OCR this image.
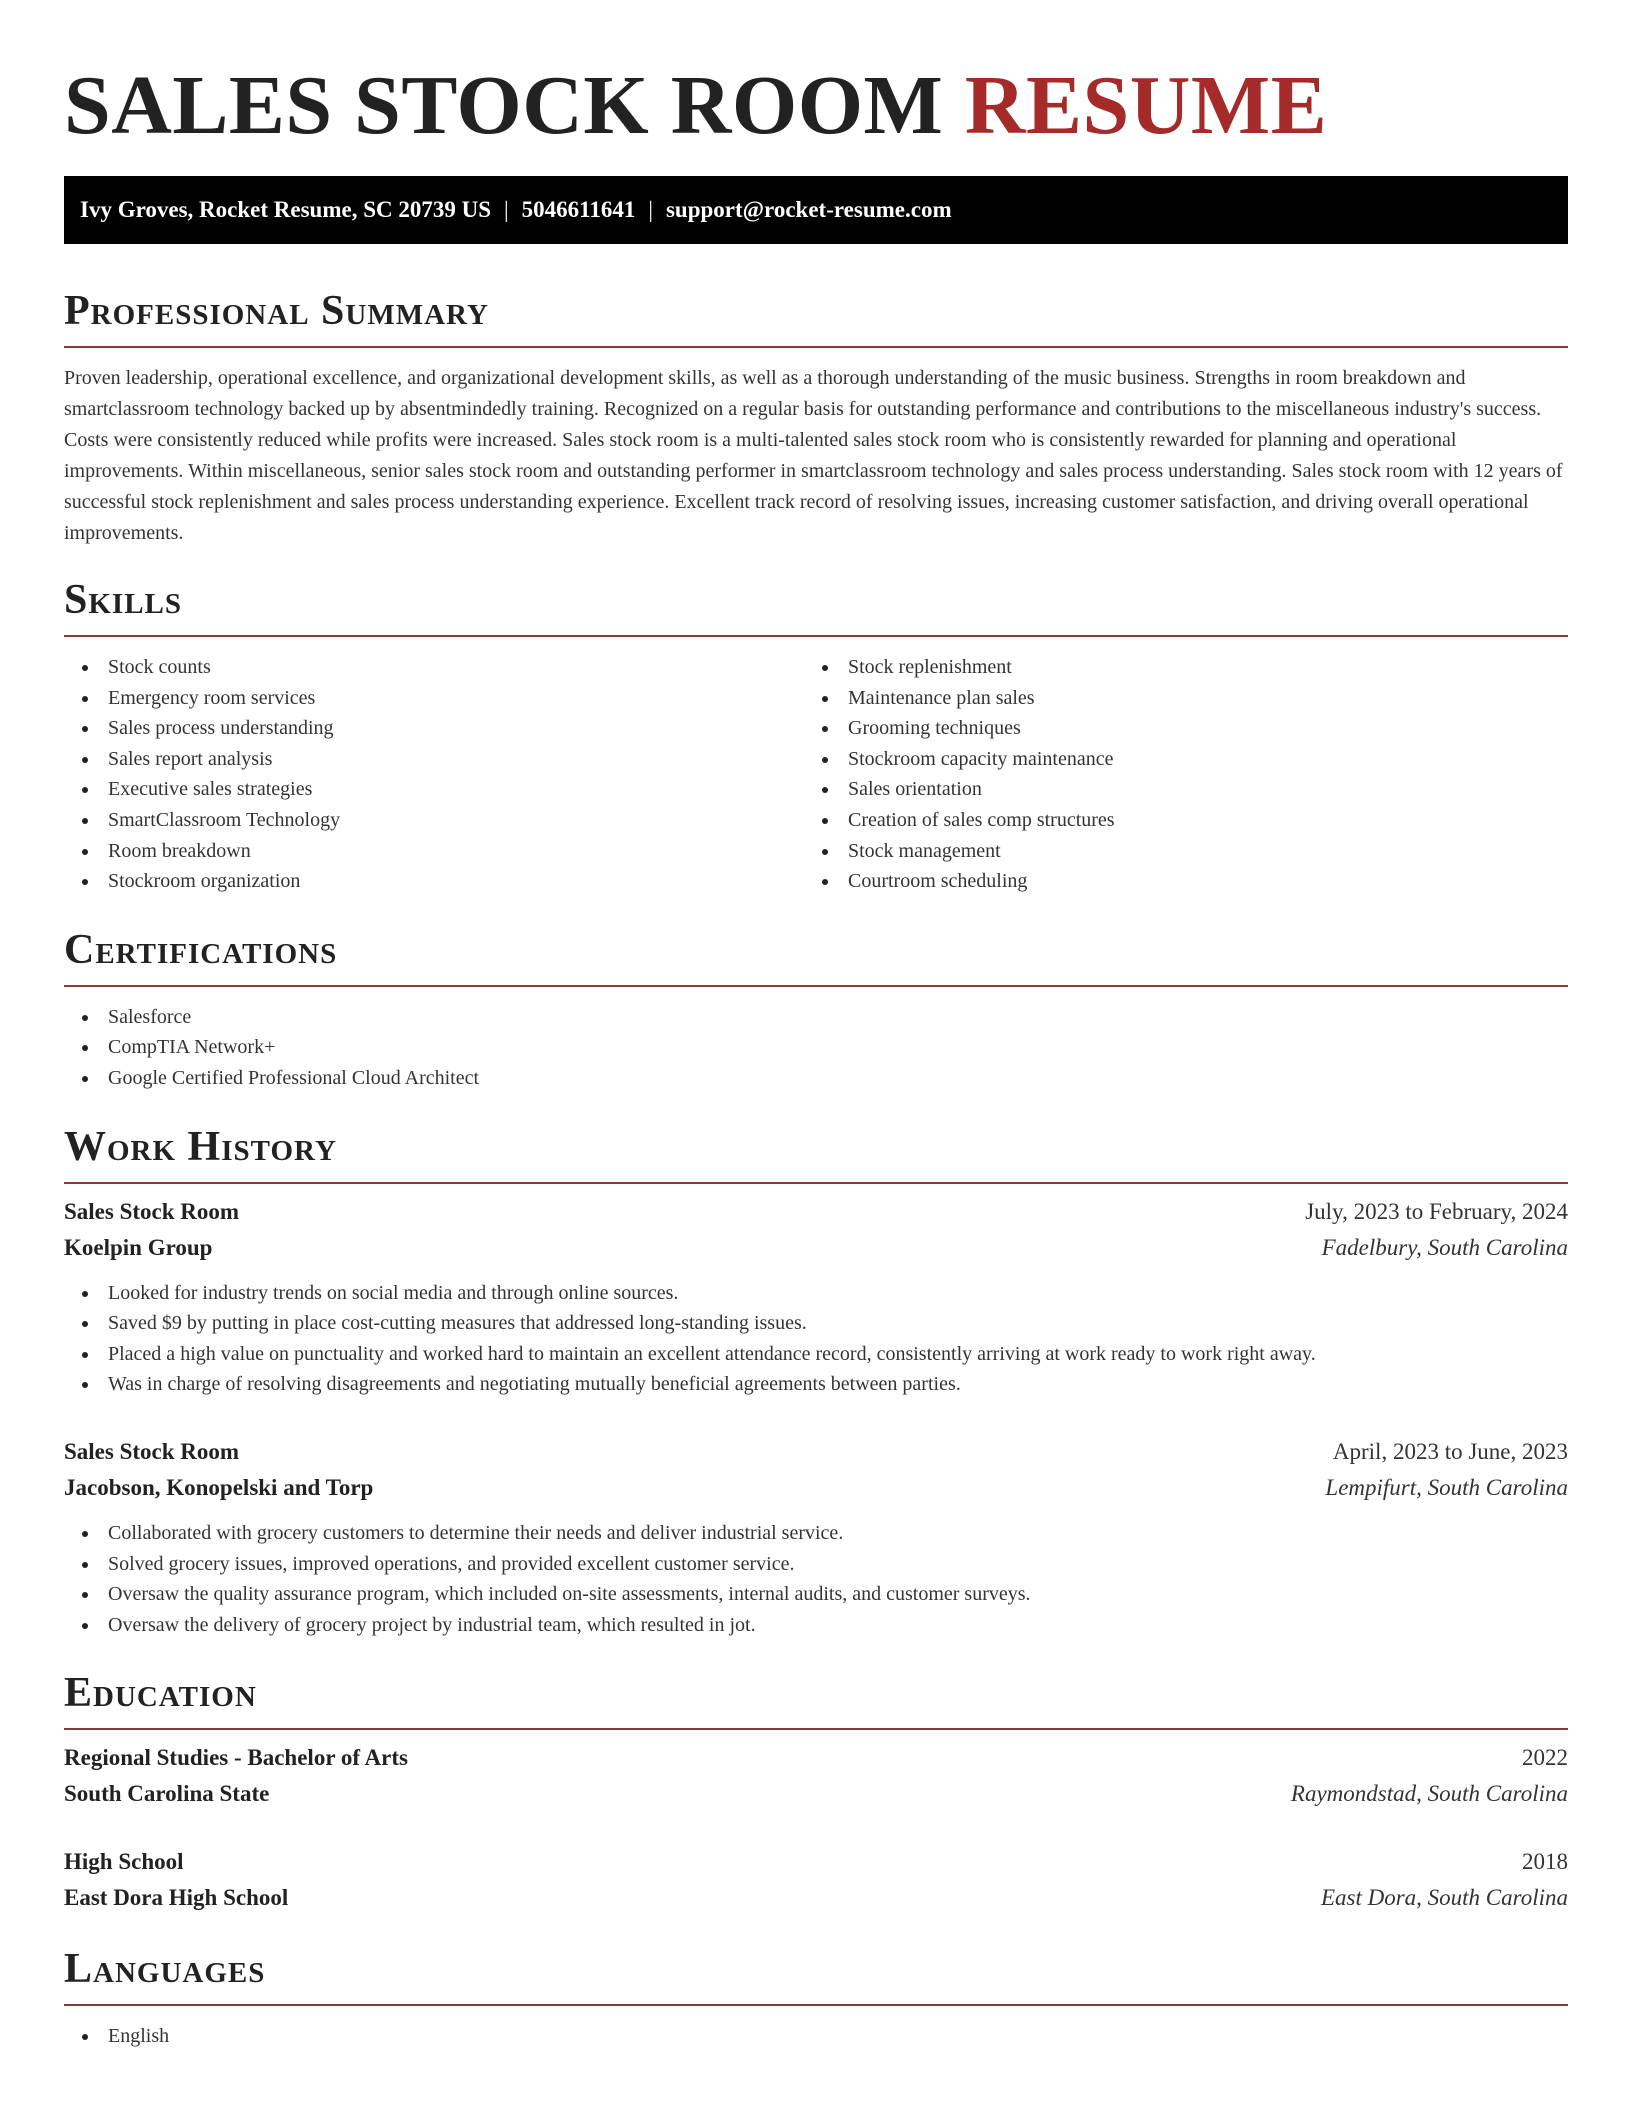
SALES STOCK ROOM RESUME
Ivy Groves, Rocket Resume, SC 20739 US | 5046611641 | support@rocket-resume.com
Professional Summary

Proven leadership, operational excellence, and organizational development skills, as well as a thorough understanding of the music business. Strengths in room breakdown and smartclassroom technology backed up by absentmindedly training. Recognized on a regular basis for outstanding performance and contributions to the miscellaneous industry's success. Costs were consistently reduced while profits were increased. Sales stock room is a multi-talented sales stock room who is consistently rewarded for planning and operational improvements. Within miscellaneous, senior sales stock room and outstanding performer in smartclassroom technology and sales process understanding. Sales stock room with 12 years of successful stock replenishment and sales process understanding experience. Excellent track record of resolving issues, increasing customer satisfaction, and driving overall operational improvements.

Skills
Stock counts
Emergency room services
Sales process understanding
Sales report analysis
Executive sales strategies
SmartClassroom Technology
Room breakdown
Stockroom organization
Stock replenishment
Maintenance plan sales
Grooming techniques
Stockroom capacity maintenance
Sales orientation
Creation of sales comp structures
Stock management
Courtroom scheduling
Certifications
Salesforce
CompTIA Network+
Google Certified Professional Cloud Architect
Work History
Sales Stock Room	July, 2023 to February, 2024
Koelpin Group	Fadelbury, South Carolina
Looked for industry trends on social media and through online sources.
Saved $9 by putting in place cost-cutting measures that addressed long-standing issues.
Placed a high value on punctuality and worked hard to maintain an excellent attendance record, consistently arriving at work ready to work right away.
Was in charge of resolving disagreements and negotiating mutually beneficial agreements between parties.
Sales Stock Room	April, 2023 to June, 2023
Jacobson, Konopelski and Torp	Lempifurt, South Carolina
Collaborated with grocery customers to determine their needs and deliver industrial service.
Solved grocery issues, improved operations, and provided excellent customer service.
Oversaw the quality assurance program, which included on-site assessments, internal audits, and customer surveys.
Oversaw the delivery of grocery project by industrial team, which resulted in jot.
Education
Regional Studies - Bachelor of Arts	2022
South Carolina State	Raymondstad, South Carolina
High School	2018
East Dora High School	East Dora, South Carolina
Languages
English
